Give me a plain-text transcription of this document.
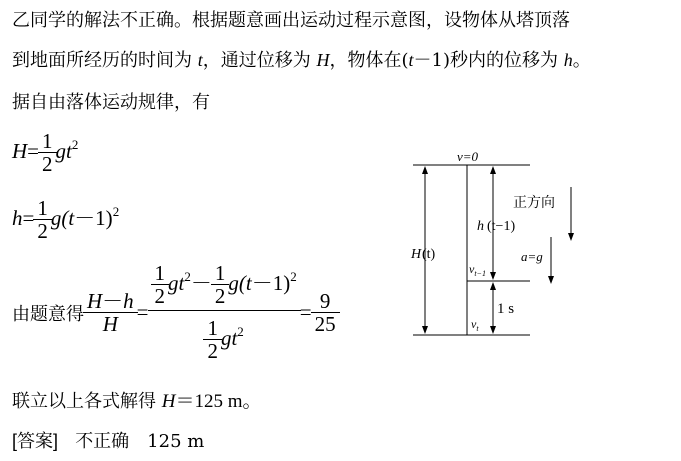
乙同学的解法不正确。根据题意画出运动过程示意图，设物体从塔顶落
到地面所经历的时间为 t，通过位移为 H，物体在(t－1)秒内的位移为 h。
据自由落体运动规律，有
$H= \frac{1}{2} gt^2$
$h= \frac{1}{2} g(t-1)^2$
由题意得 $\frac{H-h}{H} = \frac{\frac{1}{2} gt^2- \frac{1}{2} g(t-1)^2}{\frac{1}{2} gt^2} = \frac{9}{25}$
联立以上各式解得 H＝125 m。
[答案] 不正确　125 m
v=0
H (t)
h (t−1)
正方向
$v_{t-1}$
a=g
1 s
$v_t$
